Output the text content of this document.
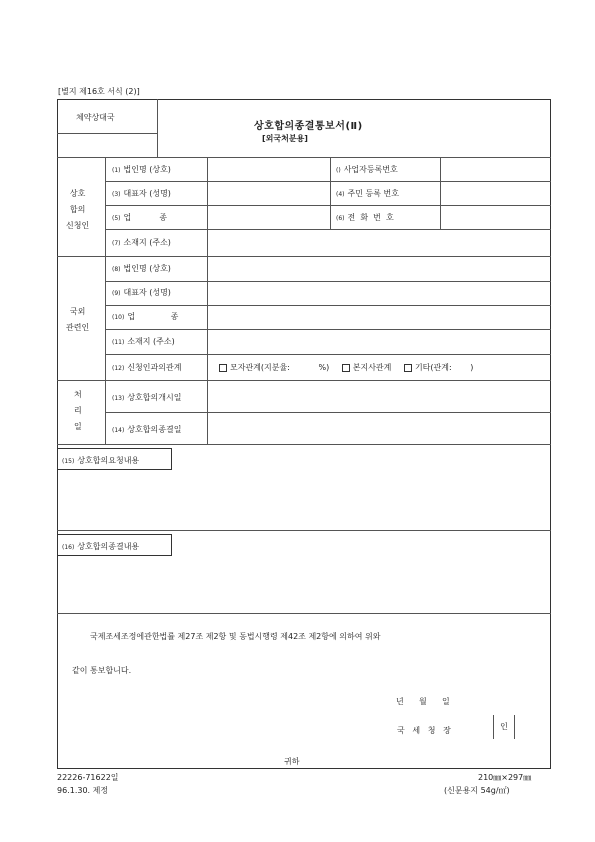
[별지 제16호 서식 (2)]
체약상대국
상호합의종결통보서(Ⅱ)
[외국처분용]
상호
합의
신청인
(1) 법인명 (상호)	() 사업자등록번호
(3) 대표자 (성명)	(4) 주민 등록 번호
(5) 업           종	(6) 전  화  번  호
(7) 소재지 (주소)
국외
관련인
(8) 법인명 (상호)
(9) 대표자 (성명)
(10) 업              종
(11) 소재지 (주소)
(12) 신청인과의관계	모자관계(지분율:	%)	본지사관계	기타(관계: )
처
리
일
(13) 상호합의개시일
(14) 상호합의종결일
(15) 상호합의요청내용
(16) 상호합의종결내용
국제조세조정에관한법률 제27조 제2항 및 동법시행령 제42조 제2항에 의하여 위와
같이 통보합니다.
년      월      일
국   세   청   장	인
귀하
22226-71622일
96.1.30. 제정
210㎜×297㎜
(신문용지 54g/㎡)
